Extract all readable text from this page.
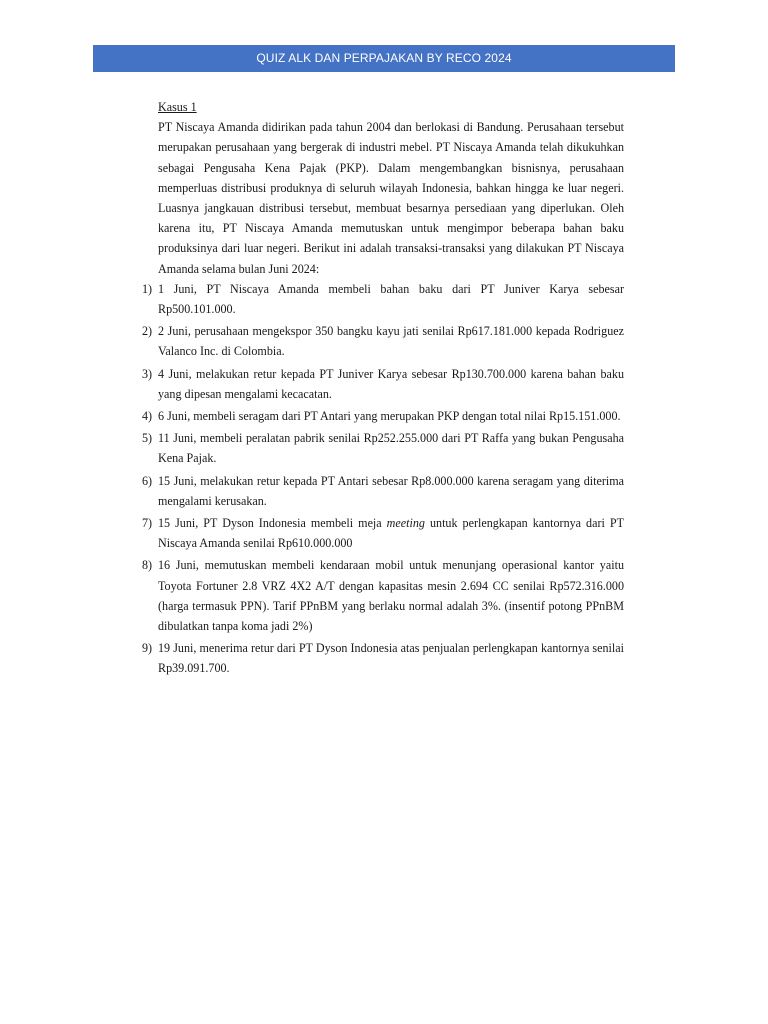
QUIZ ALK DAN PERPAJAKAN BY RECO 2024

Kasus 1

PT Niscaya Amanda didirikan pada tahun 2004 dan berlokasi di Bandung. Perusahaan tersebut merupakan perusahaan yang bergerak di industri mebel. PT Niscaya Amanda telah dikukuhkan sebagai Pengusaha Kena Pajak (PKP). Dalam mengembangkan bisnisnya, perusahaan memperluas distribusi produknya di seluruh wilayah Indonesia, bahkan hingga ke luar negeri. Luasnya jangkauan distribusi tersebut, membuat besarnya persediaan yang diperlukan. Oleh karena itu, PT Niscaya Amanda memutuskan untuk mengimpor beberapa bahan baku produksinya dari luar negeri. Berikut ini adalah transaksi-transaksi yang dilakukan PT Niscaya Amanda selama bulan Juni 2024:

1) 1 Juni, PT Niscaya Amanda membeli bahan baku dari PT Juniver Karya sebesar Rp500.101.000.
2) 2 Juni, perusahaan mengekspor 350 bangku kayu jati senilai Rp617.181.000 kepada Rodriguez Valanco Inc. di Colombia.
3) 4 Juni, melakukan retur kepada PT Juniver Karya sebesar Rp130.700.000 karena bahan baku yang dipesan mengalami kecacatan.
4) 6 Juni, membeli seragam dari PT Antari yang merupakan PKP dengan total nilai Rp15.151.000.
5) 11 Juni, membeli peralatan pabrik senilai Rp252.255.000 dari PT Raffa yang bukan Pengusaha Kena Pajak.
6) 15 Juni, melakukan retur kepada PT Antari sebesar Rp8.000.000 karena seragam yang diterima mengalami kerusakan.
7) 15 Juni, PT Dyson Indonesia membeli meja meeting untuk perlengkapan kantornya dari PT Niscaya Amanda senilai Rp610.000.000
8) 16 Juni, memutuskan membeli kendaraan mobil untuk menunjang operasional kantor yaitu Toyota Fortuner 2.8 VRZ 4X2 A/T dengan kapasitas mesin 2.694 CC senilai Rp572.316.000 (harga termasuk PPN). Tarif PPnBM yang berlaku normal adalah 3%. (insentif potong PPnBM dibulatkan tanpa koma jadi 2%)
9) 19 Juni, menerima retur dari PT Dyson Indonesia atas penjualan perlengkapan kantornya senilai Rp39.091.700.
